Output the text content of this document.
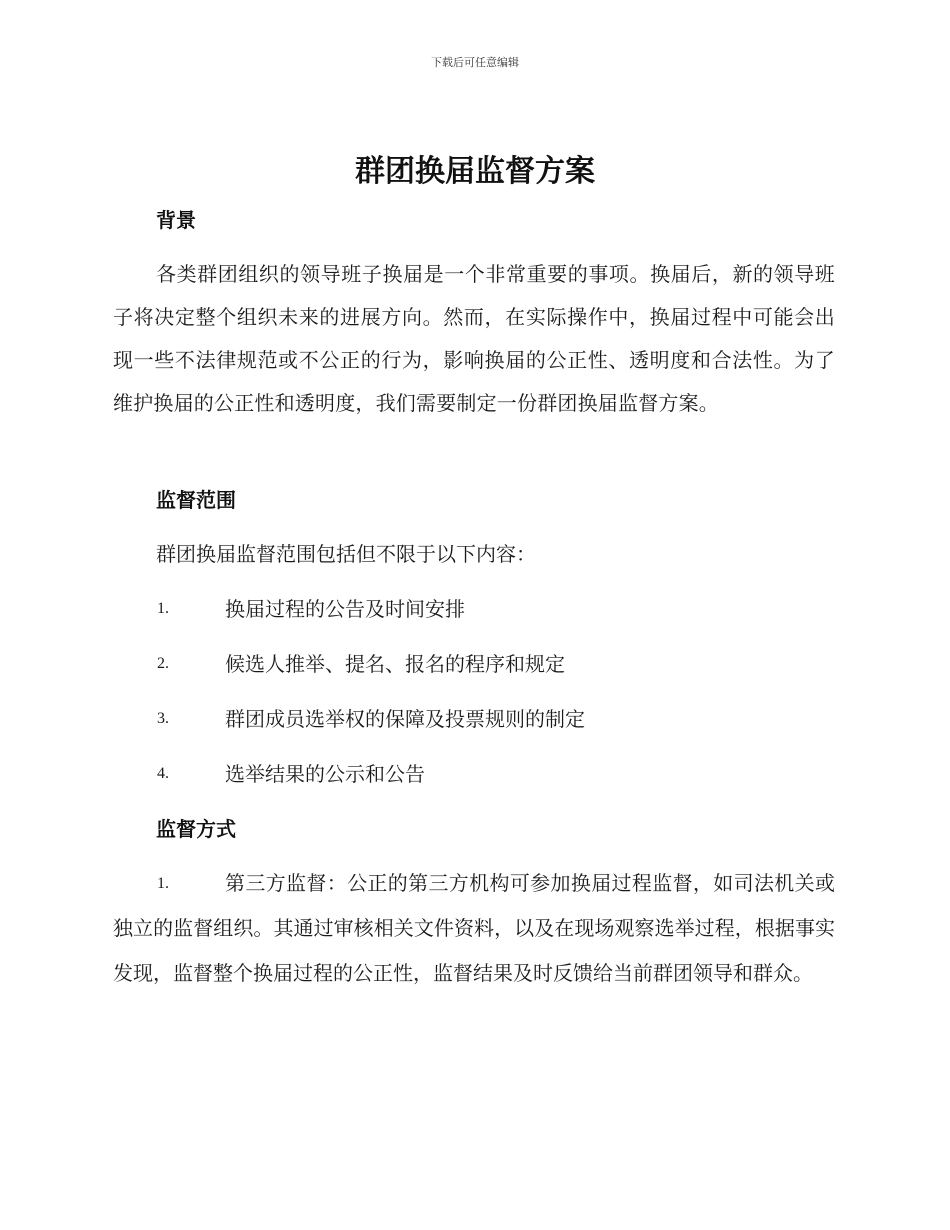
下载后可任意编辑
群团换届监督方案
背景

各类群团组织的领导班子换届是一个非常重要的事项。换届后，新的领导班子将决定整个组织未来的进展方向。然而，在实际操作中，换届过程中可能会出现一些不法律规范或不公正的行为，影响换届的公正性、透明度和合法性。为了维护换届的公正性和透明度，我们需要制定一份群团换届监督方案。

监督范围
群团换届监督范围包括但不限于以下内容：
1.	换届过程的公告及时间安排
2.	候选人推举、提名、报名的程序和规定
3.	群团成员选举权的保障及投票规则的制定
4.	选举结果的公示和公告
监督方式
1.	第三方监督：公正的第三方机构可参加换届过程监督，如司法机关或独立的监督组织。其通过审核相关文件资料，以及在现场观察选举过程，根据事实发现，监督整个换届过程的公正性，监督结果及时反馈给当前群团领导和群众。
